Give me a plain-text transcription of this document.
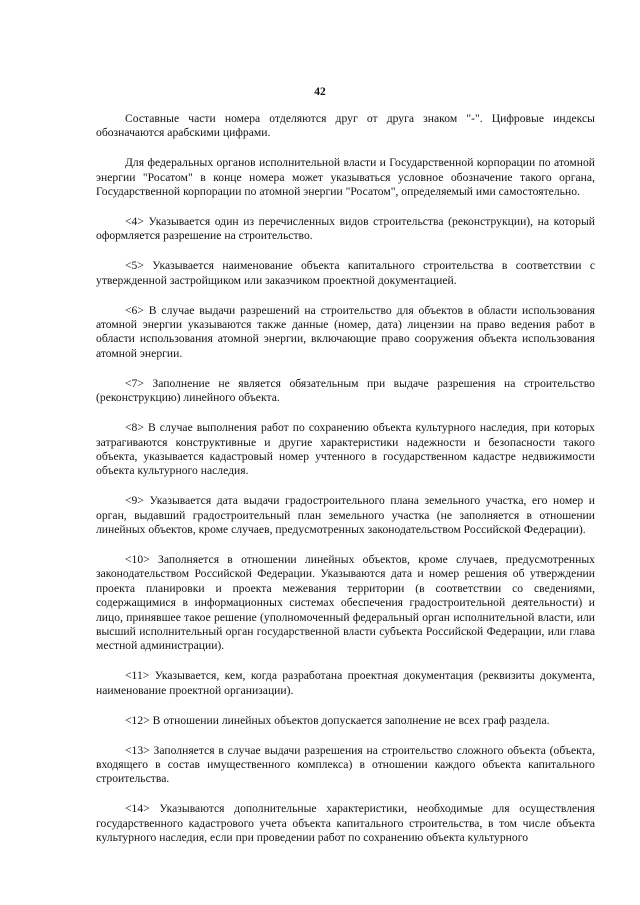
42

Составные части номера отделяются друг от друга знаком "-". Цифровые индексы обозначаются арабскими цифрами.

Для федеральных органов исполнительной власти и Государственной корпорации по атомной энергии "Росатом" в конце номера может указываться условное обозначение такого органа, Государственной корпорации по атомной энергии "Росатом", определяемый ими самостоятельно.

<4> Указывается один из перечисленных видов строительства (реконструкции), на который оформляется разрешение на строительство.

<5> Указывается наименование объекта капитального строительства в соответствии с утвержденной застройщиком или заказчиком проектной документацией.

<6> В случае выдачи разрешений на строительство для объектов в области использования атомной энергии указываются также данные (номер, дата) лицензии на право ведения работ в области использования атомной энергии, включающие право сооружения объекта использования атомной энергии.

<7> Заполнение не является обязательным при выдаче разрешения на строительство (реконструкцию) линейного объекта.

<8> В случае выполнения работ по сохранению объекта культурного наследия, при которых затрагиваются конструктивные и другие характеристики надежности и безопасности такого объекта, указывается кадастровый номер учтенного в государственном кадастре недвижимости объекта культурного наследия.

<9> Указывается дата выдачи градостроительного плана земельного участка, его номер и орган, выдавший градостроительный план земельного участка (не заполняется в отношении линейных объектов, кроме случаев, предусмотренных законодательством Российской Федерации).

<10> Заполняется в отношении линейных объектов, кроме случаев, предусмотренных законодательством Российской Федерации. Указываются дата и номер решения об утверждении проекта планировки и проекта межевания территории (в соответствии со сведениями, содержащимися в информационных системах обеспечения градостроительной деятельности) и лицо, принявшее такое решение (уполномоченный федеральный орган исполнительной власти, или высший исполнительный орган государственной власти субъекта Российской Федерации, или глава местной администрации).

<11> Указывается, кем, когда разработана проектная документация (реквизиты документа, наименование проектной организации).

<12> В отношении линейных объектов допускается заполнение не всех граф раздела.

<13> Заполняется в случае выдачи разрешения на строительство сложного объекта (объекта, входящего в состав имущественного комплекса) в отношении каждого объекта капитального строительства.

<14> Указываются дополнительные характеристики, необходимые для осуществления государственного кадастрового учета объекта капитального строительства, в том числе объекта культурного наследия, если при проведении работ по сохранению объекта культурного
